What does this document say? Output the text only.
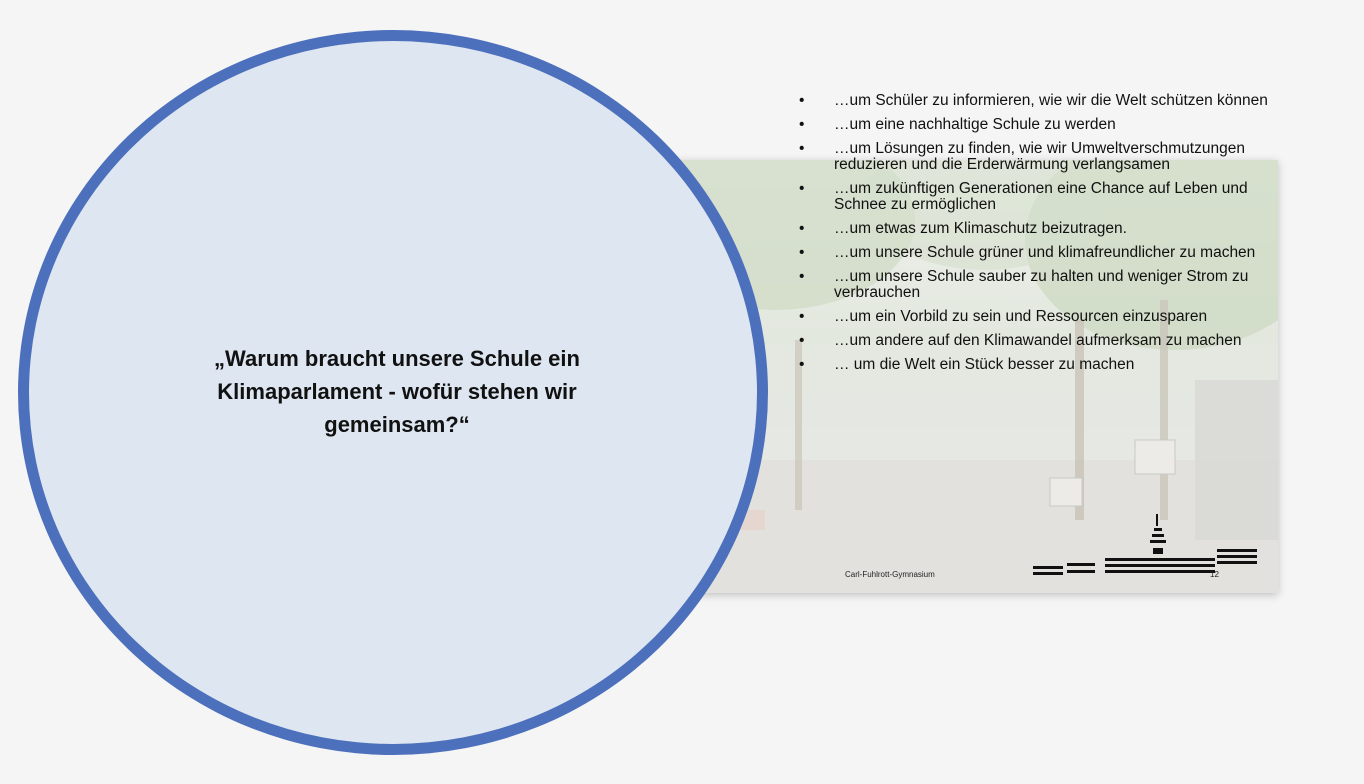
Carl-Fuhlrott-Gymnasium	12
„Warum braucht unsere Schule ein Klimaparlament - wofür stehen wir gemeinsam?“
• …um Schüler zu informieren, wie wir die Welt schützen können
• …um eine nachhaltige Schule zu werden
• …um Lösungen zu finden, wie wir Umweltverschmutzungen reduzieren und die Erderwärmung verlangsamen
• …um zukünftigen Generationen eine Chance auf Leben und Schnee zu ermöglichen
• …um etwas zum Klimaschutz beizutragen.
• …um unsere Schule grüner und klimafreundlicher zu machen
• …um unsere Schule sauber zu halten und weniger Strom zu verbrauchen
• …um ein Vorbild zu sein und Ressourcen einzusparen
• …um andere auf den Klimawandel aufmerksam zu machen
• … um die Welt ein Stück besser zu machen
